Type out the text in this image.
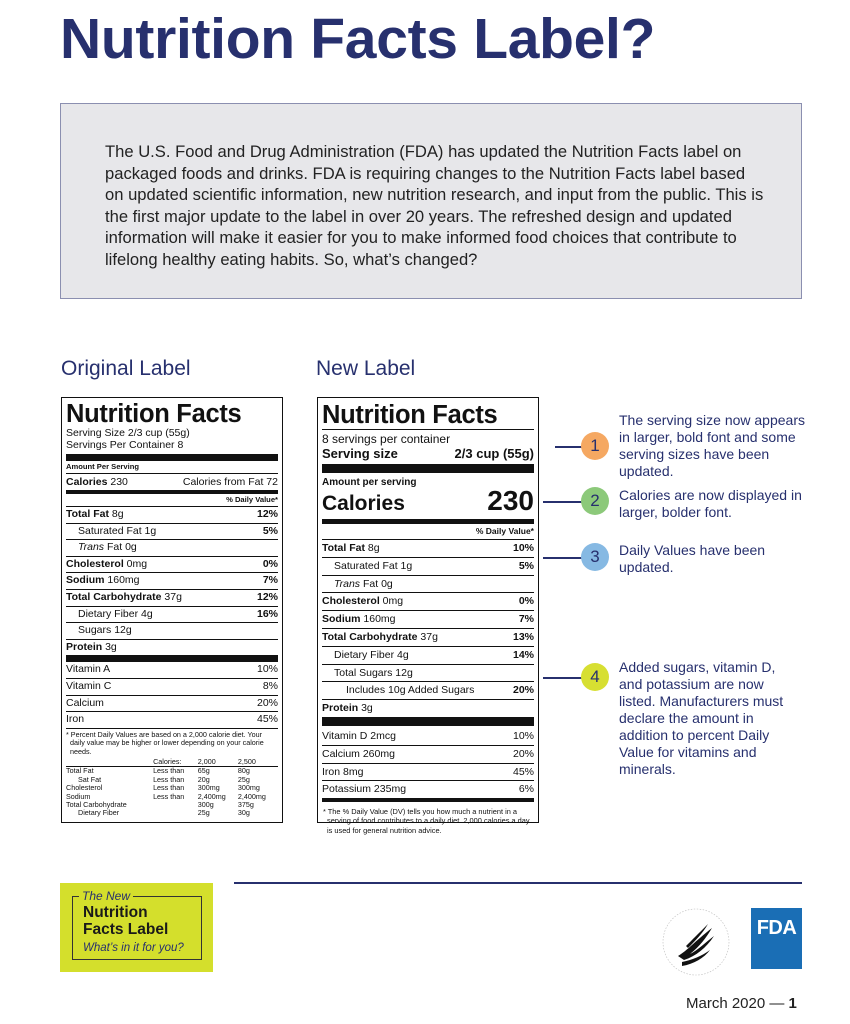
Nutrition Facts Label?

The U.S. Food and Drug Administration (FDA) has updated the Nutrition Facts label on packaged foods and drinks. FDA is requiring changes to the Nutrition Facts label based on updated scientific information, new nutrition research, and input from the public. This is the first major update to the label in over 20 years. The refreshed design and updated information will make it easier for you to make informed food choices that contribute to lifelong healthy eating habits. So, what’s changed?

Original Label	New Label
Nutrition Facts
Serving Size 2/3 cup (55g)
Servings Per Container 8
Amount Per Serving
Calories 230	Calories from Fat 72
% Daily Value*
Total Fat 8g	12%
Saturated Fat 1g	5%
Trans Fat 0g
Cholesterol 0mg	0%
Sodium 160mg	7%
Total Carbohydrate 37g	12%
Dietary Fiber 4g	16%
Sugars 12g
Protein 3g
Vitamin A	10%
Vitamin C	8%
Calcium	20%
Iron	45%
* Percent Daily Values are based on a 2,000 calorie diet. Your daily value may be higher or lower depending on your calorie needs.
	Calories:	2,000	2,500
Total Fat	Less than	65g	80g
Sat Fat	Less than	20g	25g
Cholesterol	Less than	300mg	300mg
Sodium	Less than	2,400mg	2,400mg
Total Carbohydrate		300g	375g
Dietary Fiber		25g	30g
Nutrition Facts
8 servings per container
Serving size	2/3 cup (55g)
Amount per serving
Calories	230
% Daily Value*
Total Fat 8g	10%
Saturated Fat 1g	5%
Trans Fat 0g
Cholesterol 0mg	0%
Sodium 160mg	7%
Total Carbohydrate 37g	13%
Dietary Fiber 4g	14%
Total Sugars 12g
Includes 10g Added Sugars	20%
Protein 3g
Vitamin D 2mcg	10%
Calcium 260mg	20%
Iron 8mg	45%
Potassium 235mg	6%
* The % Daily Value (DV) tells you how much a nutrient in a serving of food contributes to a daily diet. 2,000 calories a day is used for general nutrition advice.
1
The serving size now appears in larger, bold font and some serving sizes have been updated.
2	Calories are now displayed in larger, bolder font.
3	Daily Values have been updated.
4	Added sugars, vitamin D, and potassium are now listed. Manufacturers must declare the amount in addition to percent Daily Value for vitamins and minerals.
The New
Nutrition
Facts Label
What’s in it for you?
FDA
March 2020 — 1
